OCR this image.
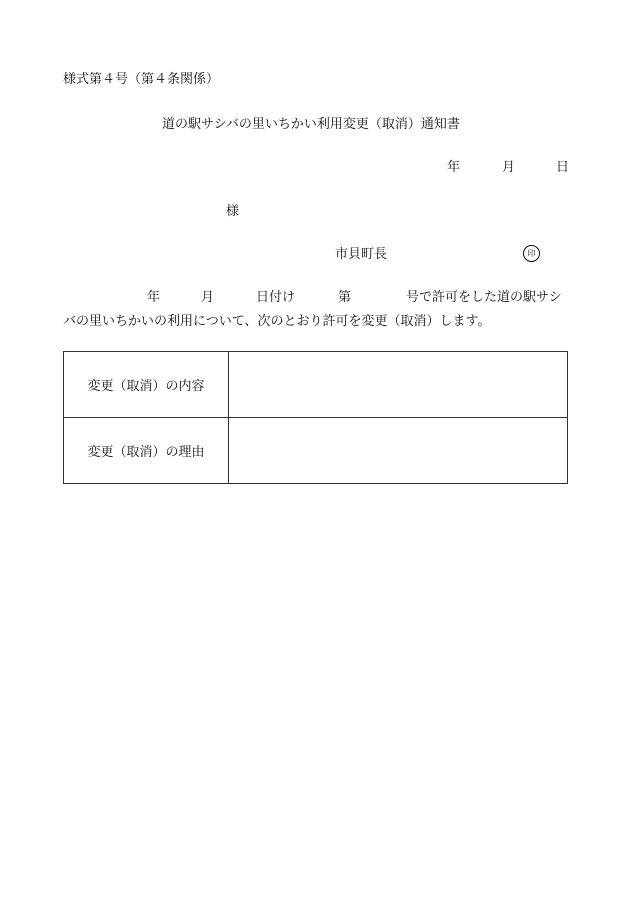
様式第４号（第４条関係）
道の駅サシバの里いちかい利用変更（取消）通知書
年	月	日
様
市貝町長	印
年	月	日付け	第	号で許可をした道の駅サシ
バの里いちかいの利用について、次のとおり許可を変更（取消）します。
変更（取消）の内容	
変更（取消）の理由	
